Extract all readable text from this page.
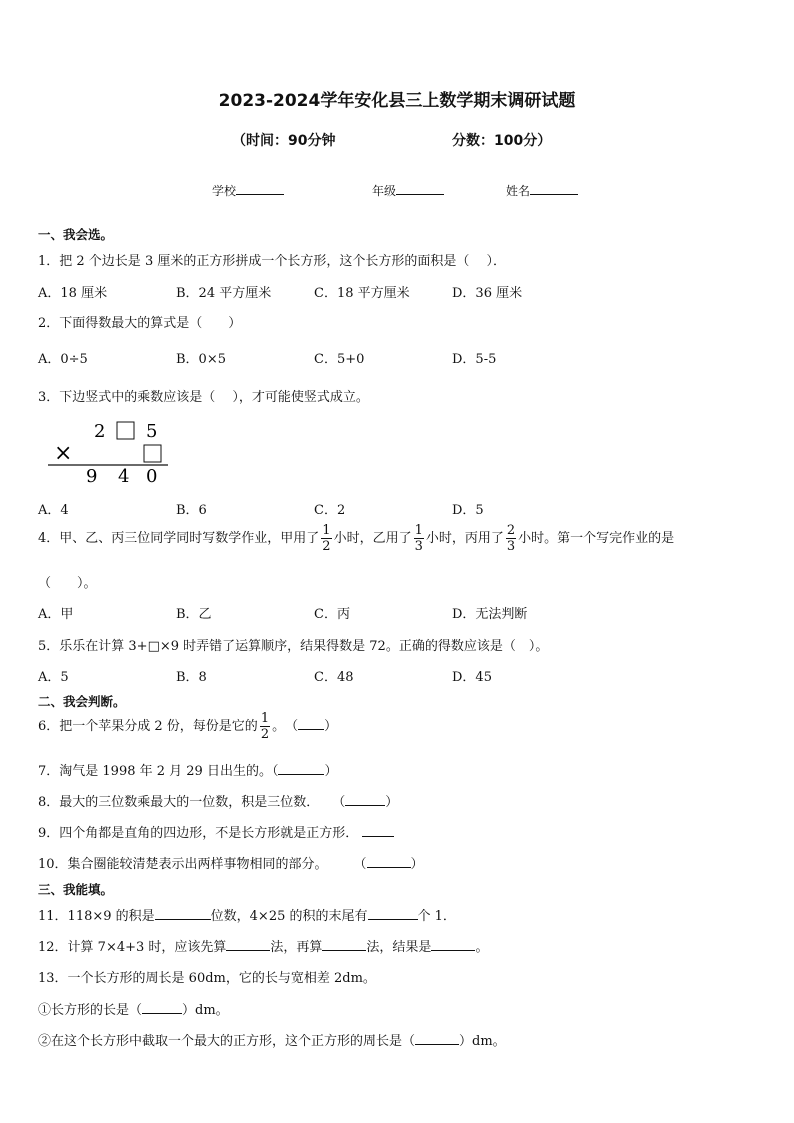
2023-2024学年安化县三上数学期末调研试题
（时间：90分钟	分数：100分）
学校	年级	姓名
一、我会选。
1．把 2 个边长是 3 厘米的正方形拼成一个长方形，这个长方形的面积是（　 ）．
A．18 厘米	B．24 平方厘米	C．18 平方厘米	D．36 厘米
2．下面得数最大的算式是（　　）
A．0÷5	B．0×5	C．5+0	D．5-5
3．下边竖式中的乘数应该是（　 ），才可能使竖式成立。
2 5
×
9 4 0
A．4	B．6	C．2	D．5
4．甲、乙、丙三位同学同时写数学作业，甲用了 $\frac{1}{2}$ 小时，乙用了 $\frac{1}{3}$ 小时，丙用了 $\frac{2}{3}$ 小时。第一个写完作业的是
（　　）。
A．甲	B．乙	C．丙	D．无法判断
5．乐乐在计算 3+□×9 时弄错了运算顺序，结果得数是 72。正确的得数应该是（　）。
A．5	B．8	C．48	D．45
二、我会判断。
6．把一个苹果分成 2 份，每份是它的 $\frac{1}{2}$ 。　（ ）
7．淘气是 1998 年 2 月 29 日出生的。（	）
8．最大的三位数乘最大的一位数，积是三位数．　　（	）
9．四个角都是直角的四边形，不是长方形就是正方形．
10．集合圈能较清楚表示出两样事物相同的部分。　　　（	）
三、我能填。
11．118×9 的积是	位数，4×25 的积的末尾有	个 1．
12．计算 7×4+3 时，应该先算	法，再算	法，结果是	。
13．一个长方形的周长是 60dm，它的长与宽相差 2dm。
①长方形的长是（	）dm。
②在这个长方形中截取一个最大的正方形，这个正方形的周长是（	）dm。
